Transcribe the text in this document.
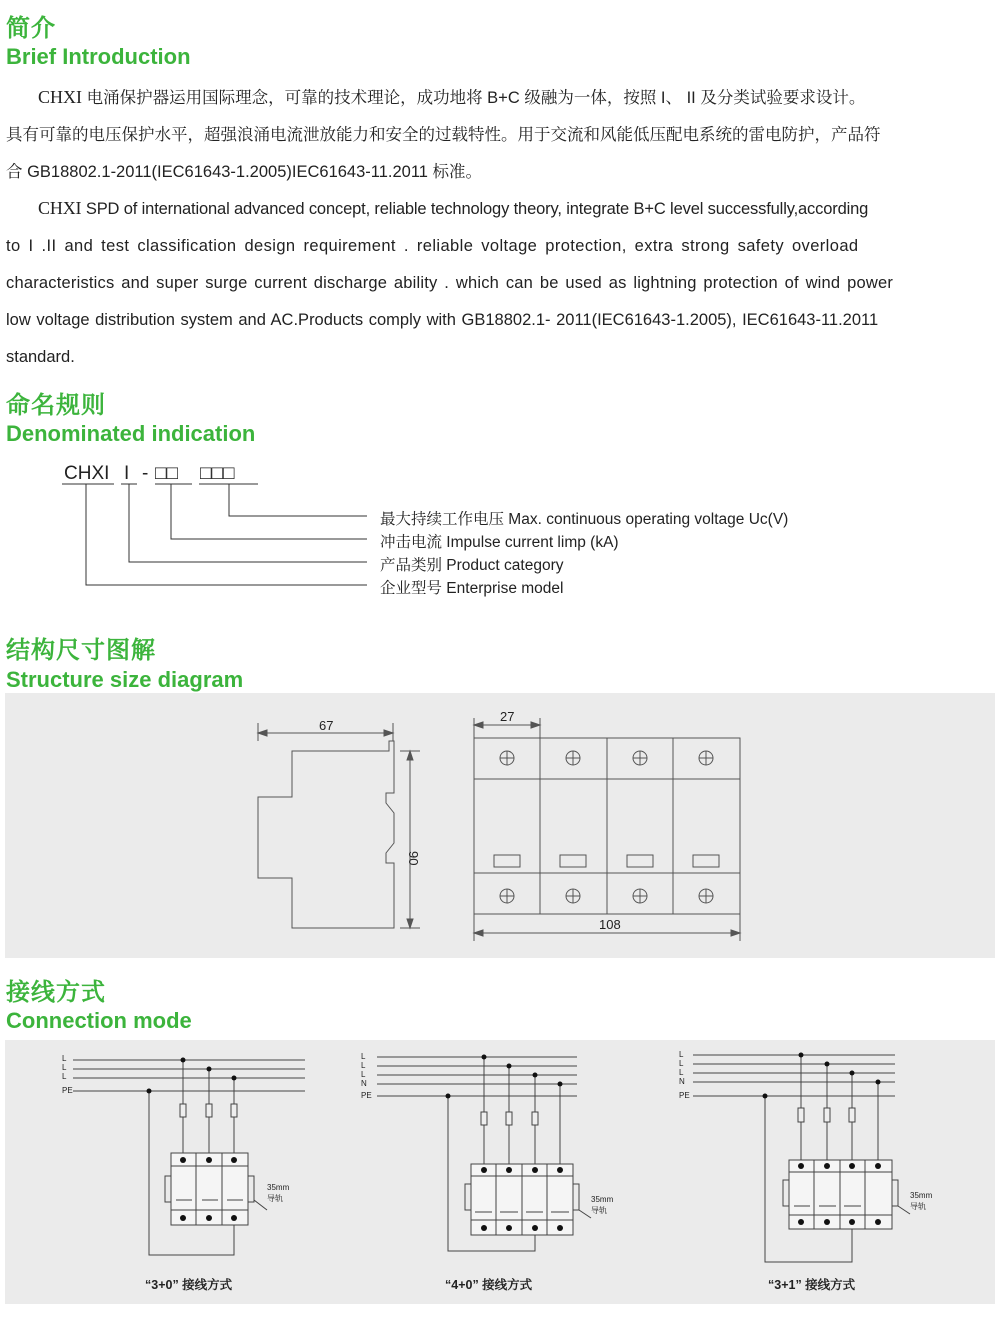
简介
Brief Introduction
CHXI 电涌保护器运用国际理念，可靠的技术理论，成功地将 B+C 级融为一体，按照 I、 II 及分类试验要求设计。
具有可靠的电压保护水平，超强浪涌电流泄放能力和安全的过载特性。用于交流和风能低压配电系统的雷电防护，产品符
合 GB18802.1-2011(IEC61643-1.2005)IEC61643-11.2011 标准。
CHXI SPD of international advanced concept, reliable technology theory, integrate B+C level successfully,according
to I .II and test classification design requirement . reliable voltage protection, extra strong safety overload
characteristics and super surge current discharge ability . which can be used as lightning protection of wind power
low voltage distribution system and AC.Products comply with GB18802.1- 2011(IEC61643-1.2005), IEC61643-11.2011
standard.
命名规则
Denominated indication
CHXI I - □□ □□□
最大持续工作电压 Max. continuous operating voltage Uc(V)
冲击电流 Impulse current limp (kA)
产品类别 Product category
企业型号 Enterprise model
结构尺寸图解
Structure size diagram
67
90
27
108
接线方式
Connection mode
L
L
L
PE
35mm
导轨
“3+0” 接线方式
L
L
L
N
PE
35mm
导轨
“4+0” 接线方式
L
L
L
N
PE
35mm
导轨
“3+1” 接线方式
